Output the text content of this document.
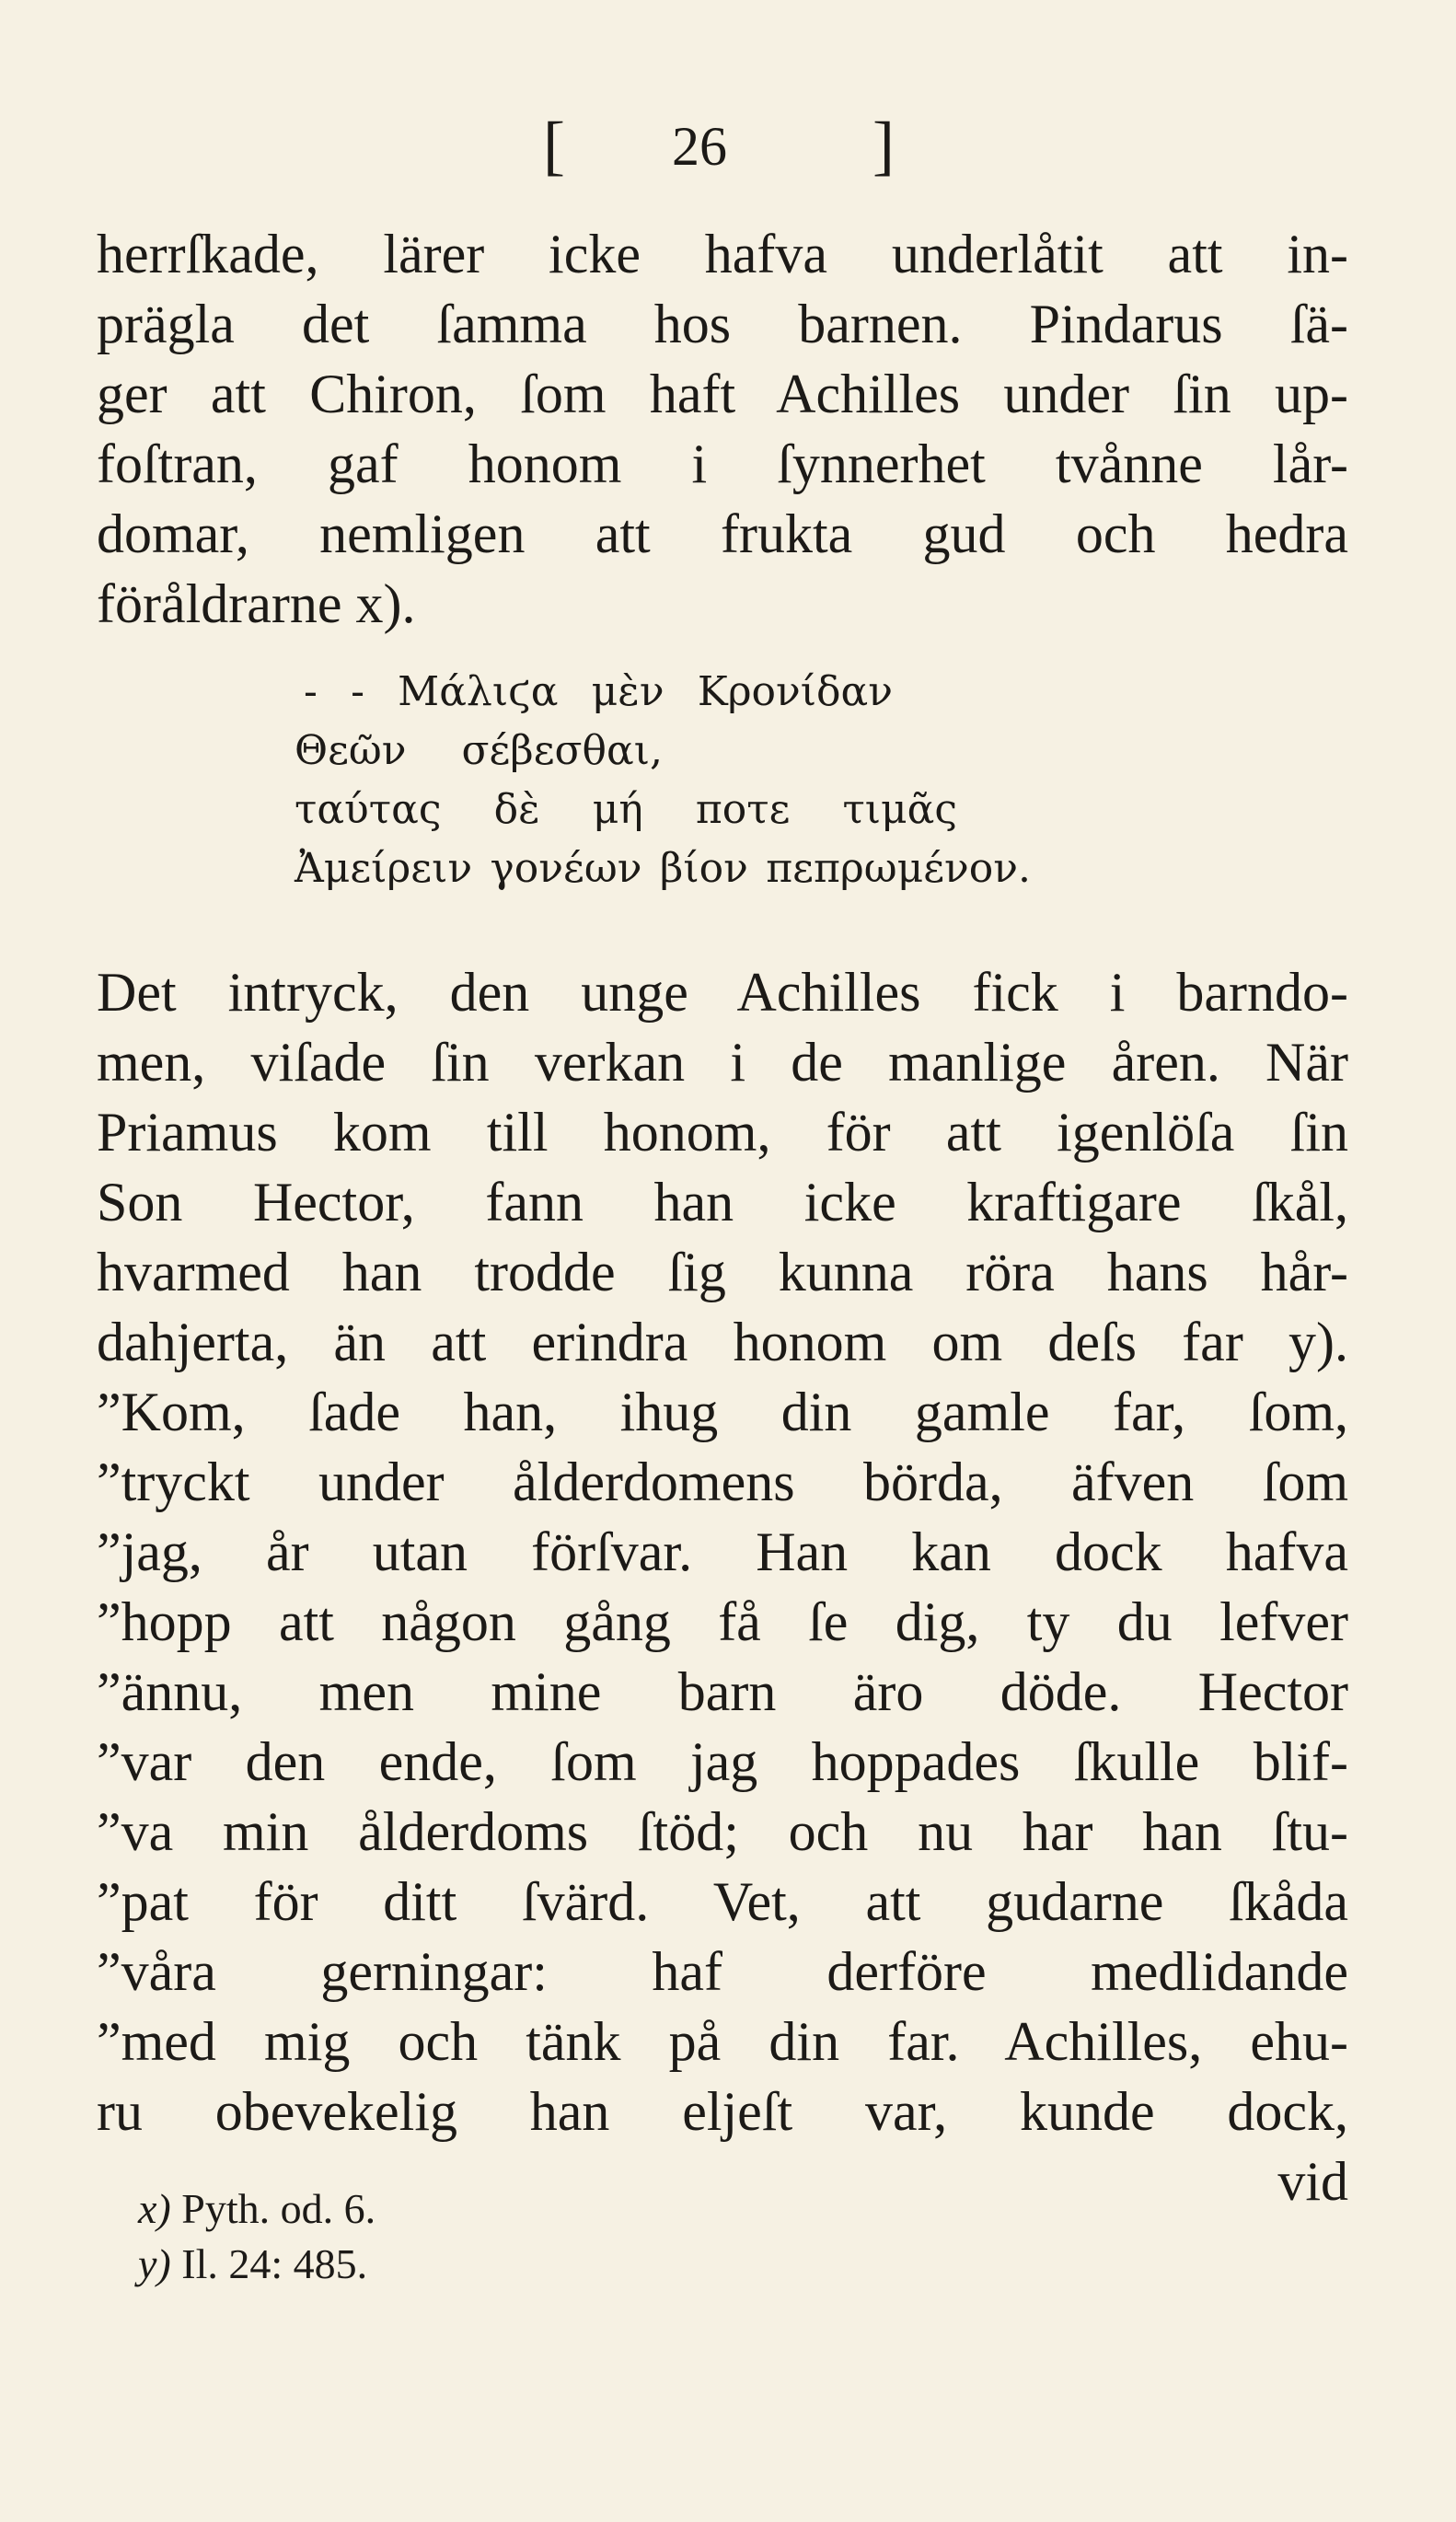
[ 26 ]
herrſkade, lärer icke hafva underlåtit att in-
prägla det ſamma hos barnen. Pindarus ſä-
ger att Chiron, ſom haft Achilles under ſin up-
foſtran, gaf honom i ſynnerhet tvånne lår-
domar, nemligen att frukta gud och hedra
föråldrarne x).
- - Μάλιϛα μὲν Κρονίδαν
Θεῶν σέβεσθαι,
ταύτας δὲ μή ποτε τιμᾶς
Ἀμείρειν γονέων βίον πεπρωμένον.
Det intryck, den unge Achilles fick i barndo-
men, viſade ſin verkan i de manlige åren. När
Priamus kom till honom, för att igenlöſa ſin
Son Hector, fann han icke kraftigare ſkål,
hvarmed han trodde ſig kunna röra hans hår-
dahjerta, än att erindra honom om deſs far y).
”Kom, ſade han, ihug din gamle far, ſom,
”tryckt under ålderdomens börda, äfven ſom
”jag, år utan förſvar. Han kan dock hafva
”hopp att någon gång få ſe dig, ty du lefver
”ännu, men mine barn äro döde. Hector
”var den ende, ſom jag hoppades ſkulle blif-
”va min ålderdoms ſtöd; och nu har han ſtu-
”pat för ditt ſvärd. Vet, att gudarne ſkåda
”våra gerningar: haf derföre medlidande
”med mig och tänk på din far. Achilles, ehu-
ru obevekelig han eljeſt var, kunde dock,
vid
x) Pyth. od. 6.
y) Il. 24: 485.
